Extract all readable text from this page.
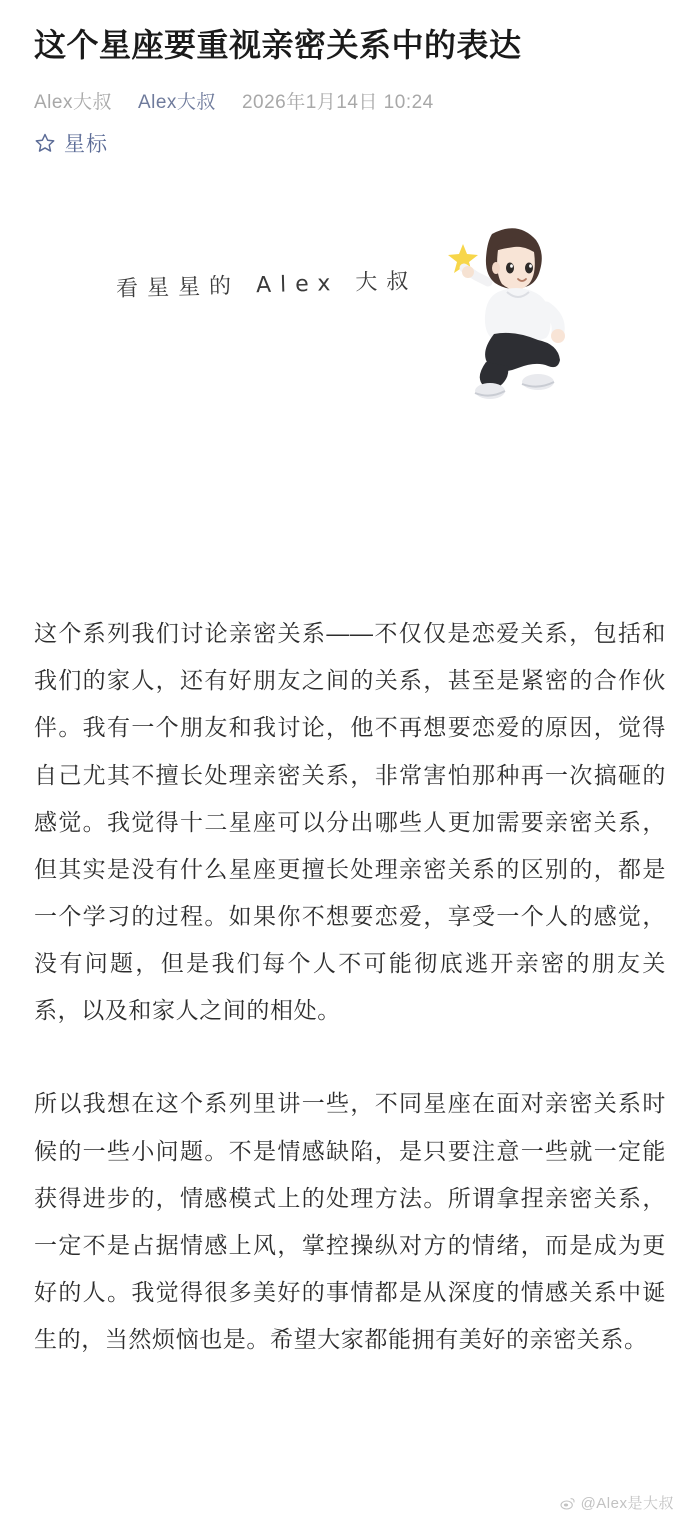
这个星座要重视亲密关系中的表达
Alex大叔 Alex大叔 2026年1月14日 10:24
星标
看星星的 Alex 大叔

这个系列我们讨论亲密关系——不仅仅是恋爱关系，包括和我们的家人，还有好朋友之间的关系，甚至是紧密的合作伙伴。我有一个朋友和我讨论，他不再想要恋爱的原因，觉得自己尤其不擅长处理亲密关系，非常害怕那种再一次搞砸的感觉。我觉得十二星座可以分出哪些人更加需要亲密关系，但其实是没有什么星座更擅长处理亲密关系的区别的，都是一个学习的过程。如果你不想要恋爱，享受一个人的感觉，没有问题，但是我们每个人不可能彻底逃开亲密的朋友关系，以及和家人之间的相处。

所以我想在这个系列里讲一些，不同星座在面对亲密关系时候的一些小问题。不是情感缺陷，是只要注意一些就一定能获得进步的，情感模式上的处理方法。所谓拿捏亲密关系，一定不是占据情感上风，掌控操纵对方的情绪，而是成为更好的人。我觉得很多美好的事情都是从深度的情感关系中诞生的，当然烦恼也是。希望大家都能拥有美好的亲密关系。

@Alex是大叔
